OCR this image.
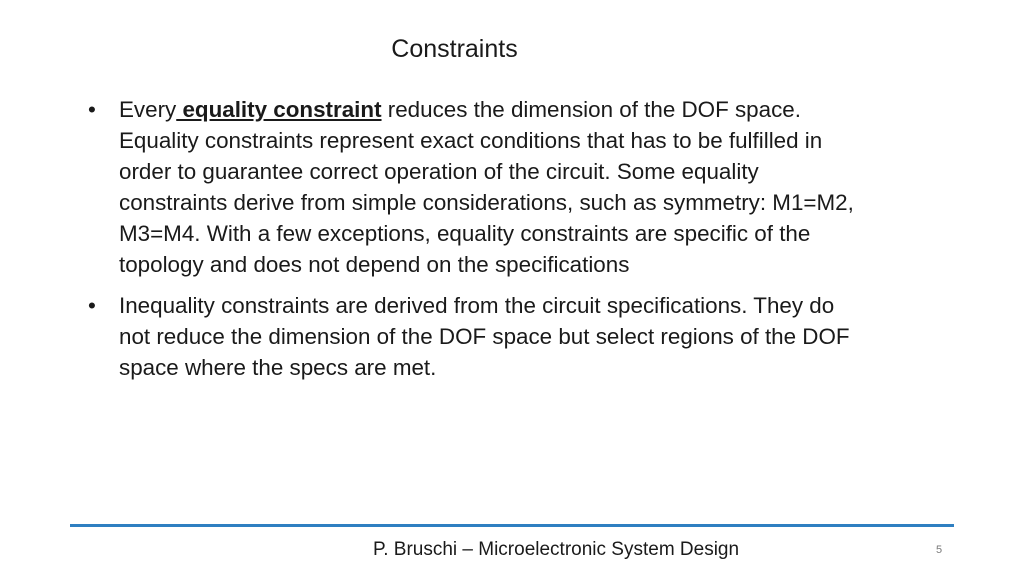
Constraints
• Every equality constraint reduces the dimension of the DOF space. Equality constraints represent exact conditions that has to be fulfilled in order to guarantee correct operation of the circuit. Some equality constraints derive from simple considerations, such as symmetry: M1=M2, M3=M4. With a few exceptions, equality constraints are specific of the topology and does not depend on the specifications
• Inequality constraints are derived from the circuit specifications. They do not reduce the dimension of the DOF space but select regions of the DOF space where the specs are met.
P. Bruschi – Microelectronic System Design	5
